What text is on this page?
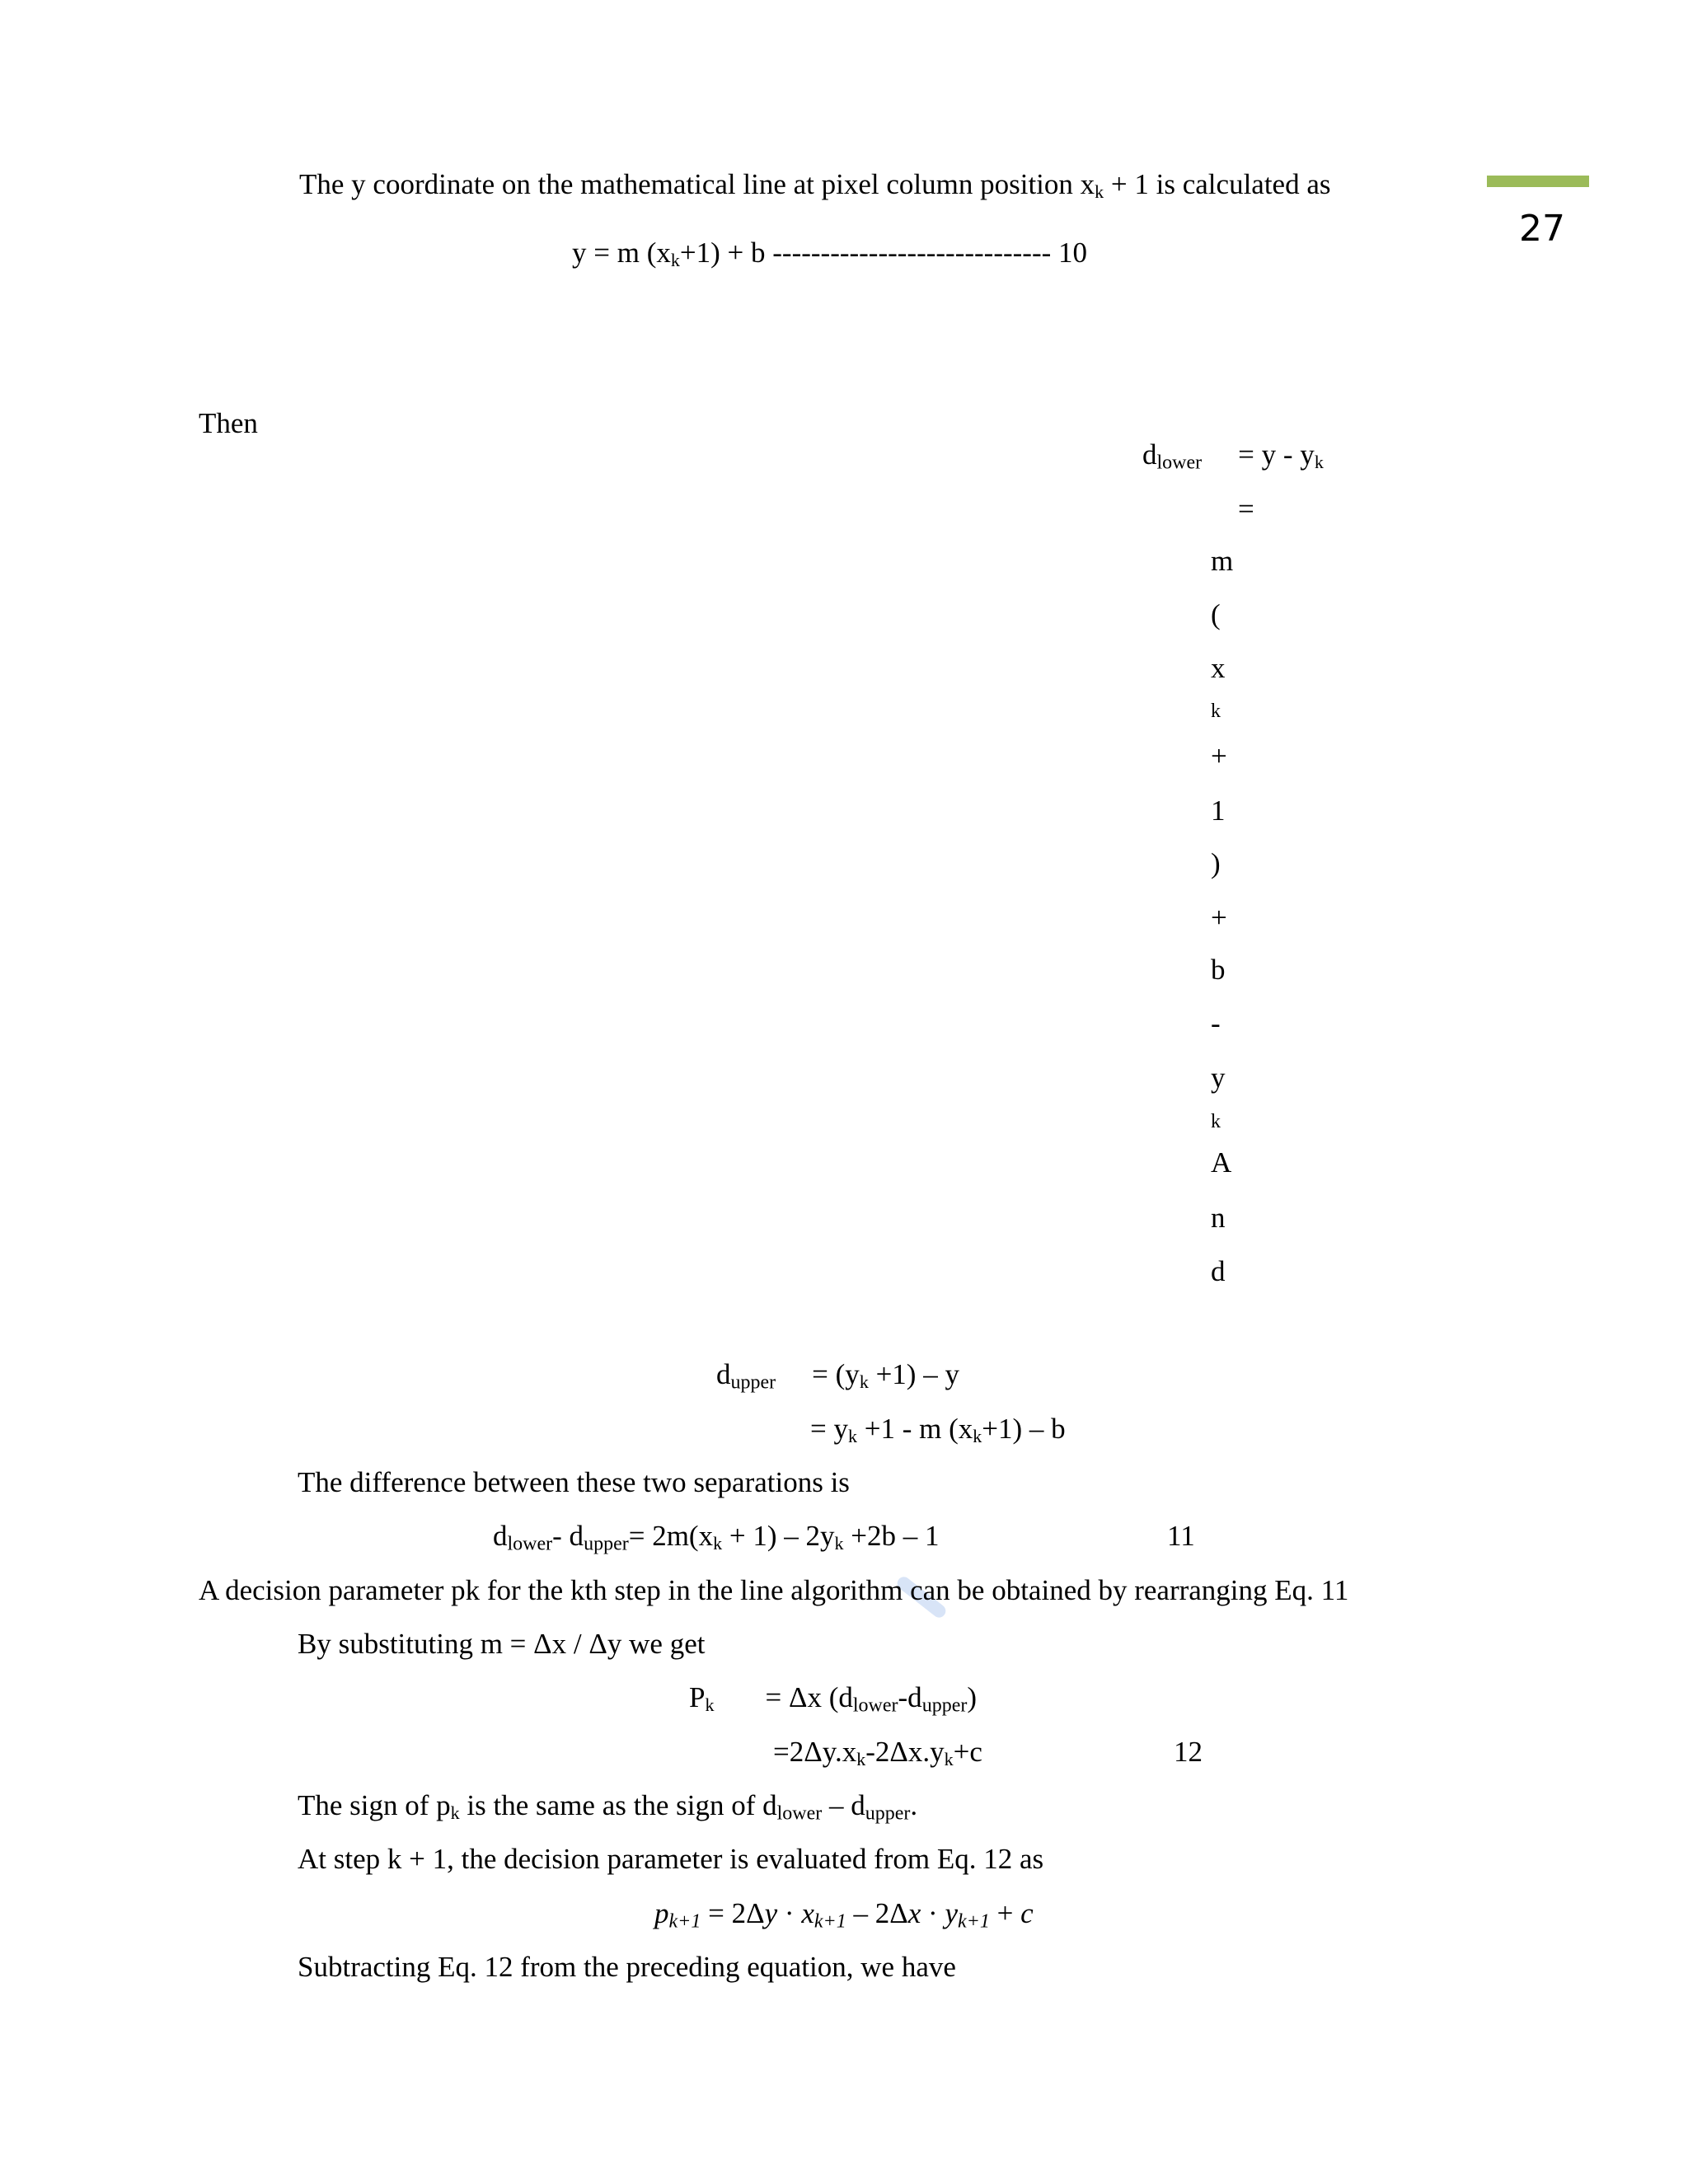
27
The y coordinate on the mathematical line at pixel column position $x_k + 1$ is calculated as
y = m $(x_k+1) + b$ ----------------------------- 10
Then
$d_{lower} = y - y_k$
=
m
(
x
k
+
1
)
+
b
-
y
k
A
n
d
$d_{upper} = (y_k +1) - y$
= $y_k +1 - m$ $(x_k+1) - b$
The difference between these two separations is
$d_{lower}-$ $d_{upper}= 2m(x_k + 1) - 2y_k +2b - 1$	11
A decision parameter pk for the kth step in the line algorithm can be obtained by rearranging Eq. 11
By substituting m = Δx / Δy we get
$P_k = \Delta x$ $(d_{lower}-d_{upper})$
$=2\Delta y.x_k-2\Delta x.y_k+c$	12
The sign of $p_k$ is the same as the sign of $d_{lower} - d_{upper}$.
At step k + 1, the decision parameter is evaluated from Eq. 12 as
$p_{k+1} = 2\Delta y \cdot x_{k+1} - 2\Delta x \cdot y_{k+1} + c$
Subtracting Eq. 12 from the preceding equation, we have
